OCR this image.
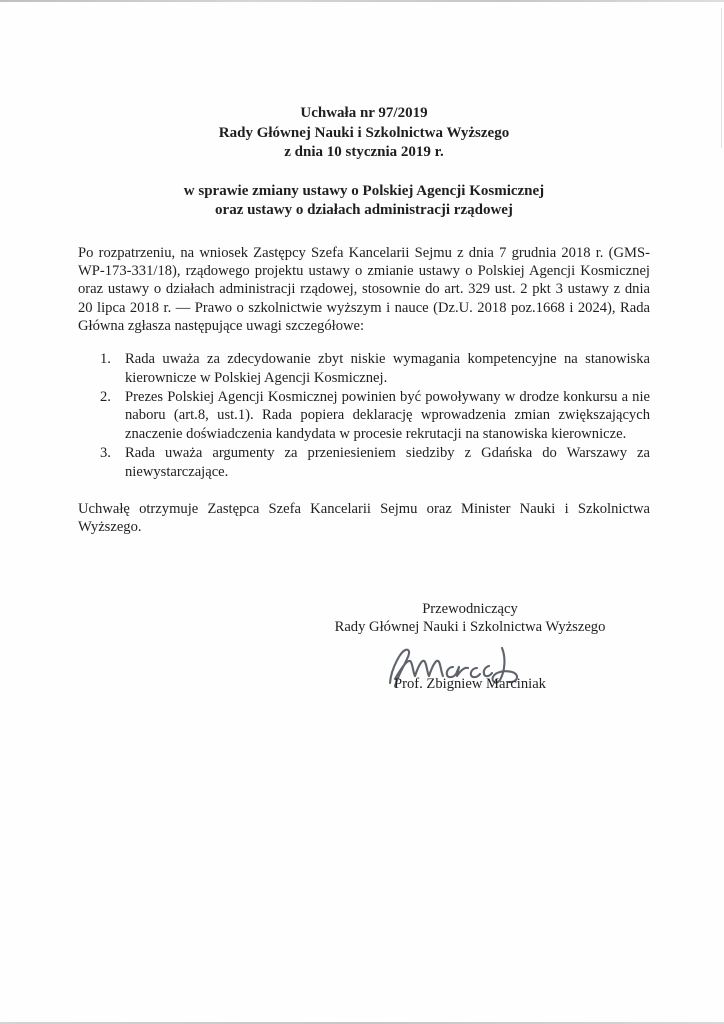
Uchwała nr 97/2019
Rady Głównej Nauki i Szkolnictwa Wyższego
z dnia 10 stycznia 2019 r.
w sprawie zmiany ustawy o Polskiej Agencji Kosmicznej
oraz ustawy o działach administracji rządowej

Po rozpatrzeniu, na wniosek Zastępcy Szefa Kancelarii Sejmu z dnia 7 grudnia 2018 r. (GMS-WP-173-331/18), rządowego projektu ustawy o zmianie ustawy o Polskiej Agencji Kosmicznej oraz ustawy o działach administracji rządowej, stosownie do art. 329 ust. 2 pkt 3 ustawy z dnia 20 lipca 2018 r. — Prawo o szkolnictwie wyższym i nauce (Dz.U. 2018 poz.1668 i 2024), Rada Główna zgłasza następujące uwagi szczegółowe:

1. Rada uważa za zdecydowanie zbyt niskie wymagania kompetencyjne na stanowiska kierownicze w Polskiej Agencji Kosmicznej.
2. Prezes Polskiej Agencji Kosmicznej powinien być powoływany w drodze konkursu a nie naboru (art.8, ust.1). Rada popiera deklarację wprowadzenia zmian zwiększających znaczenie doświadczenia kandydata w procesie rekrutacji na stanowiska kierownicze.
3. Rada uważa argumenty za przeniesieniem siedziby z Gdańska do Warszawy za niewystarczające.

Uchwałę otrzymuje Zastępca Szefa Kancelarii Sejmu oraz Minister Nauki i Szkolnictwa Wyższego.

Przewodniczący
Rady Głównej Nauki i Szkolnictwa Wyższego
Prof. Zbigniew Marciniak
